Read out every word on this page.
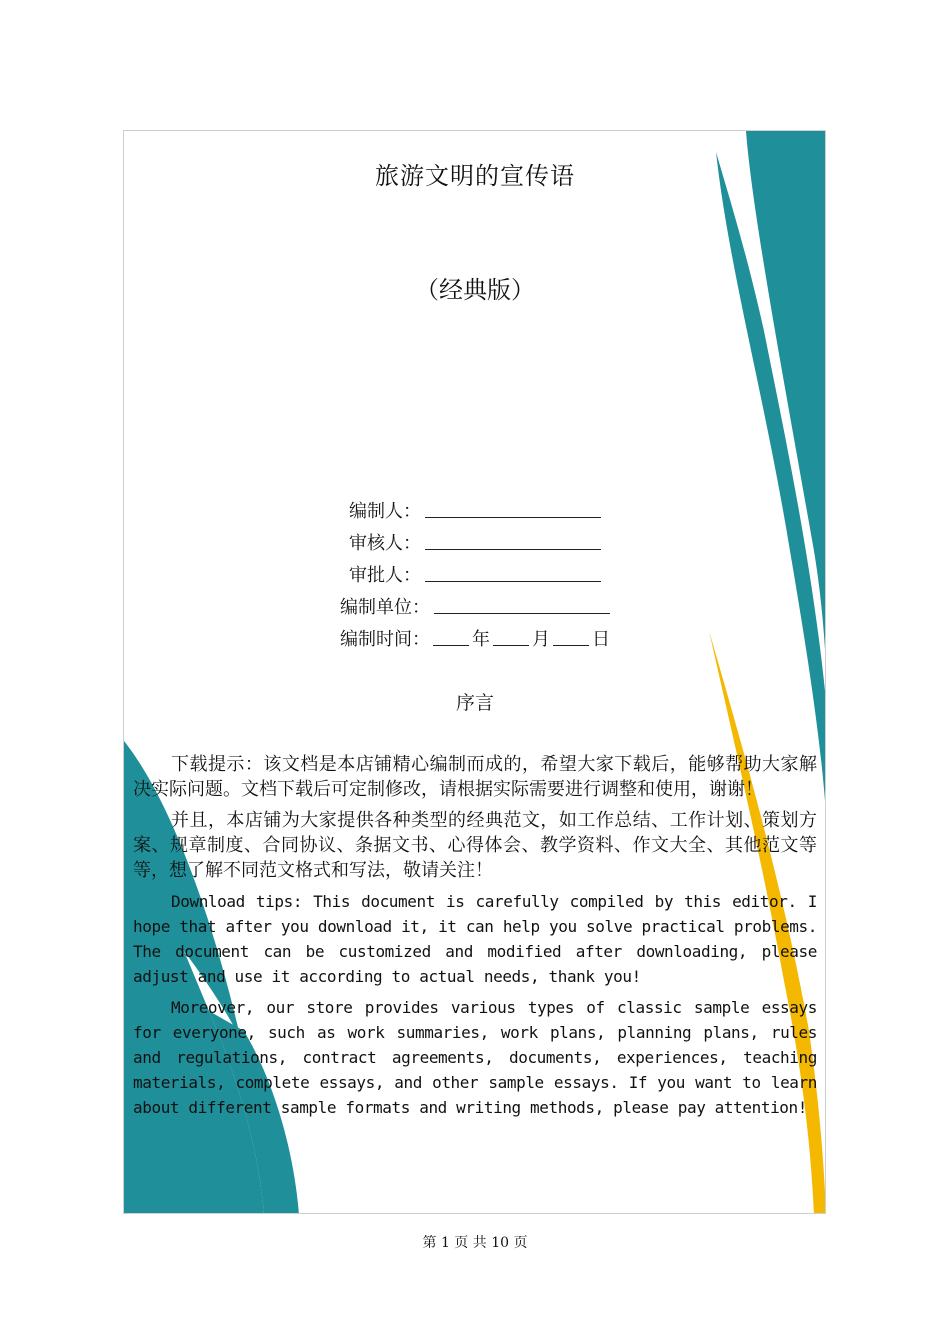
旅游文明的宣传语
（经典版）
编制人：
审核人：
审批人：
编制单位：
编制时间： 年 月 日
序言

下载提示：该文档是本店铺精心编制而成的，希望大家下载后，能够帮助大家解决实际问题。文档下载后可定制修改，请根据实际需要进行调整和使用，谢谢！

并且，本店铺为大家提供各种类型的经典范文，如工作总结、工作计划、策划方案、规章制度、合同协议、条据文书、心得体会、教学资料、作文大全、其他范文等等，想了解不同范文格式和写法，敬请关注！

Download tips: This document is carefully compiled by this editor. I hope that after you download it, it can help you solve practical problems. The document can be customized and modified after downloading, please adjust and use it according to actual needs, thank you!

Moreover, our store provides various types of classic sample essays for everyone, such as work summaries, work plans, planning plans, rules and regulations, contract agreements, documents, experiences, teaching materials, complete essays, and other sample essays. If you want to learn about different sample formats and writing methods, please pay attention!

第 1 页 共 10 页
